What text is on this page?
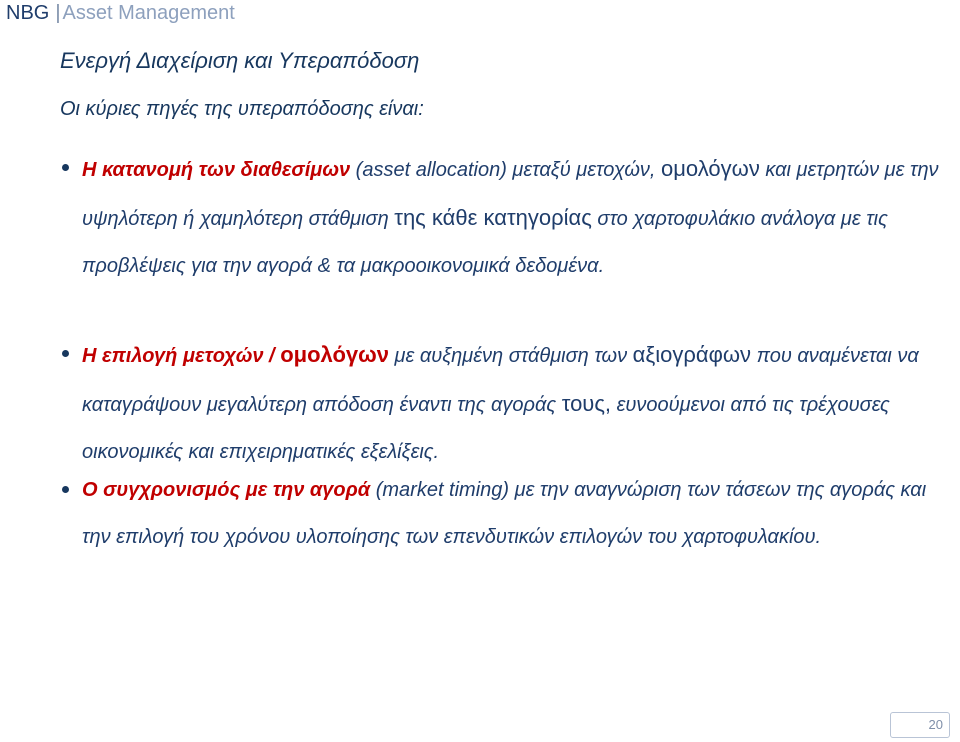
NBG | Asset Management
Ενεργή Διαχείριση και Υπεραπόδοση
Οι κύριες πηγές της υπεραπόδοσης είναι:
Η κατανομή των διαθεσίμων (asset allocation) μεταξύ μετοχών, ομολόγων και μετρητών με την υψηλότερη ή χαμηλότερη στάθμιση της κάθε κατηγορίας στο χαρτοφυλάκιο ανάλογα με τις προβλέψεις για την αγορά & τα μακροοικονομικά δεδομένα.
Η επιλογή μετοχών / ομολόγων με αυξημένη στάθμιση των αξιογράφων που αναμένεται να καταγράψουν μεγαλύτερη απόδοση έναντι της αγοράς τους, ευνοούμενοι από τις τρέχουσες οικονομικές και επιχειρηματικές εξελίξεις.
Ο συγχρονισμός με την αγορά (market timing) με την αναγνώριση των τάσεων της αγοράς και την επιλογή του χρόνου υλοποίησης των επενδυτικών επιλογών του χαρτοφυλακίου.
20
